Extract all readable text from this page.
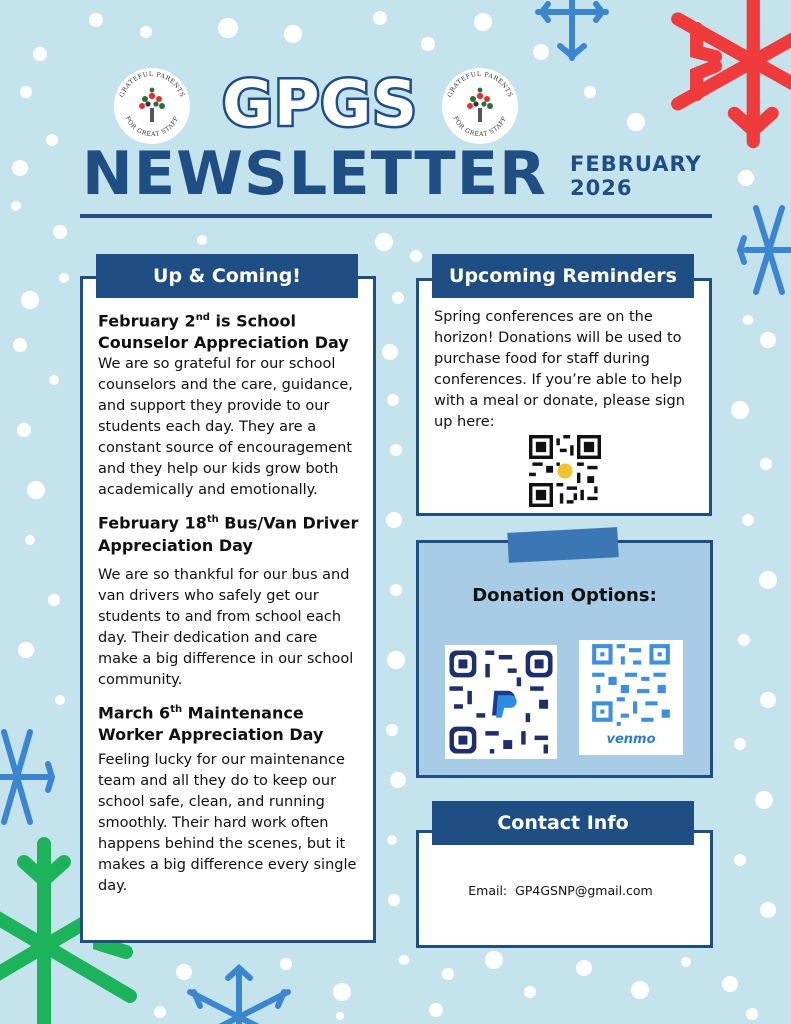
GRATEFUL PARENTS
FOR GREAT STAFF GPGS	GRATEFUL PARENTS
FOR GREAT STAFF
NEWSLETTER	FEBRUARY
2026
February 2nd is School Counselor Appreciation Day
We are so grateful for our school counselors and the care, guidance, and support they provide to our students each day. They are a constant source of encouragement and they help our kids grow both academically and emotionally.
February 18th Bus/Van Driver Appreciation Day
We are so thankful for our bus and van drivers who safely get our students to and from school each day. Their dedication and care make a big difference in our school community.
March 6th Maintenance Worker Appreciation Day
Feeling lucky for our maintenance team and all they do to keep our school safe, clean, and running smoothly. Their hard work often happens behind the scenes, but it makes a big difference every single day.
Up & Coming!
Spring conferences are on the horizon! Donations will be used to purchase food for staff during conferences. If you’re able to help with a meal or donate, please sign up here:
Upcoming Reminders
Donation Options:
venmo
Email: GP4GSNP@gmail.com
Contact Info
